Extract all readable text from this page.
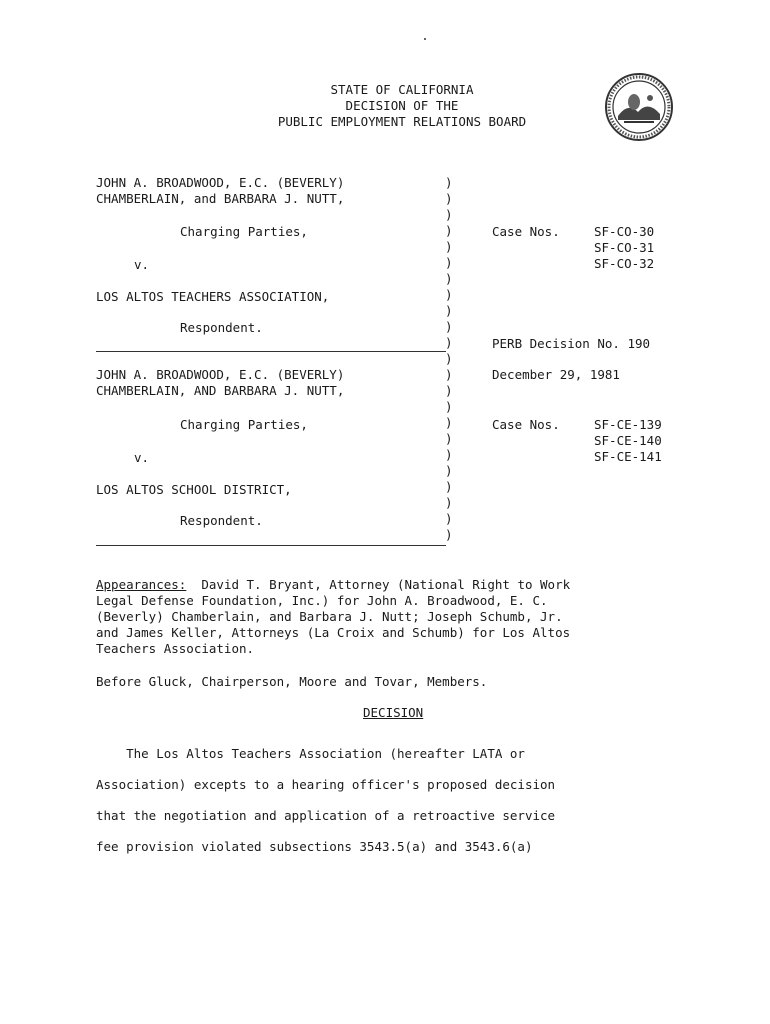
STATE OF CALIFORNIA
DECISION OF THE
PUBLIC EMPLOYMENT RELATIONS BOARD
JOHN A. BROADWOOD, E.C. (BEVERLY)
CHAMBERLAIN, and BARBARA J. NUTT,
Charging Parties,
v.
LOS ALTOS TEACHERS ASSOCIATION,
Respondent.
JOHN A. BROADWOOD, E.C. (BEVERLY)
CHAMBERLAIN, AND BARBARA J. NUTT,
Charging Parties,
v.
LOS ALTOS SCHOOL DISTRICT,
Respondent.
)
)
)
)
)
)
)
)
)
)
)
)
)
)
)
)
)
)
)
)
)
)
)
Case Nos.	SF-CO-30
SF-CO-31
SF-CO-32
PERB Decision No. 190
December 29, 1981
Case Nos.	SF-CE-139
SF-CE-140
SF-CE-141
Appearances:  David T. Bryant, Attorney (National Right to Work
Legal Defense Foundation, Inc.) for John A. Broadwood, E. C.
(Beverly) Chamberlain, and Barbara J. Nutt; Joseph Schumb, Jr.
and James Keller, Attorneys (La Croix and Schumb) for Los Altos
Teachers Association.
Before Gluck, Chairperson, Moore and Tovar, Members.
DECISION
The Los Altos Teachers Association (hereafter LATA or
Association) excepts to a hearing officer's proposed decision
that the negotiation and application of a retroactive service
fee provision violated subsections 3543.5(a) and 3543.6(a)
